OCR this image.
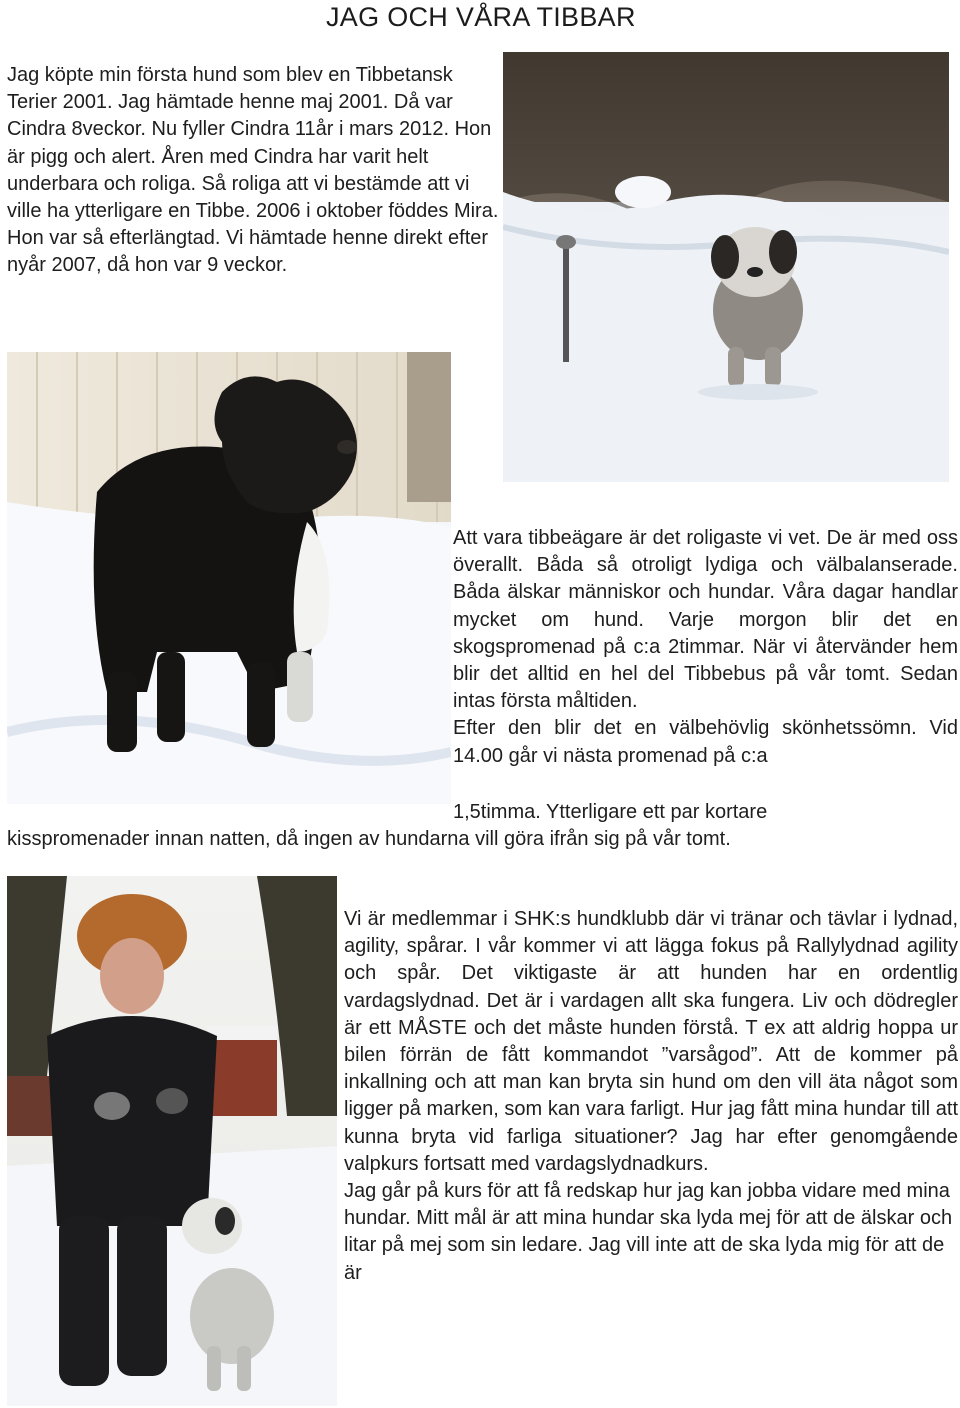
JAG OCH VÅRA TIBBAR
Jag köpte min första hund som blev en Tibbetansk Terier 2001. Jag hämtade henne maj 2001. Då var Cindra 8veckor. Nu fyller Cindra 11år i mars 2012. Hon är pigg och alert. Åren med Cindra har varit helt underbara och roliga. Så roliga att vi bestämde att vi ville ha ytterligare en Tibbe. 2006 i oktober föddes Mira. Hon var så efterlängtad. Vi hämtade henne direkt efter nyår 2007, då hon var 9 veckor.

Att vara tibbeägare är det roligaste vi vet. De är med oss överallt. Båda så otroligt lydiga och välbalanserade. Båda älskar människor och hundar. Våra dagar handlar mycket om hund. Varje morgon blir det en skogspromenad på c:a 2timmar. När vi återvänder hem blir det alltid en hel del Tibbebus på vår tomt. Sedan intas första måltiden.

Efter den blir det en välbehövlig skönhetssömn. Vid 14.00 går vi nästa promenad på c:a

1,5timma. Ytterligare ett par kortare
kisspromenader innan natten, då ingen av hundarna vill göra ifrån sig på vår tomt.

Vi är medlemmar i SHK:s hundklubb där vi tränar och tävlar i lydnad, agility, spårar. I vår kommer vi att lägga fokus på Rallylydnad agility och spår. Det viktigaste är att hunden har en ordentlig vardagslydnad. Det är i vardagen allt ska fungera. Liv och dödregler är ett MÅSTE och det måste hunden förstå. T ex att aldrig hoppa ur bilen förrän de fått kommandot ”varsågod”. Att de kommer på inkallning och att man kan bryta sin hund om den vill äta något som ligger på marken, som kan vara farligt. Hur jag fått mina hundar till att kunna bryta vid farliga situationer? Jag har efter genomgående valpkurs fortsatt med vardagslydnadkurs.

Jag går på kurs för att få redskap hur jag kan jobba vidare med mina hundar. Mitt mål är att mina hundar ska lyda mej för att de älskar och litar på mej som sin ledare. Jag vill inte att de ska lyda mig för att de är
